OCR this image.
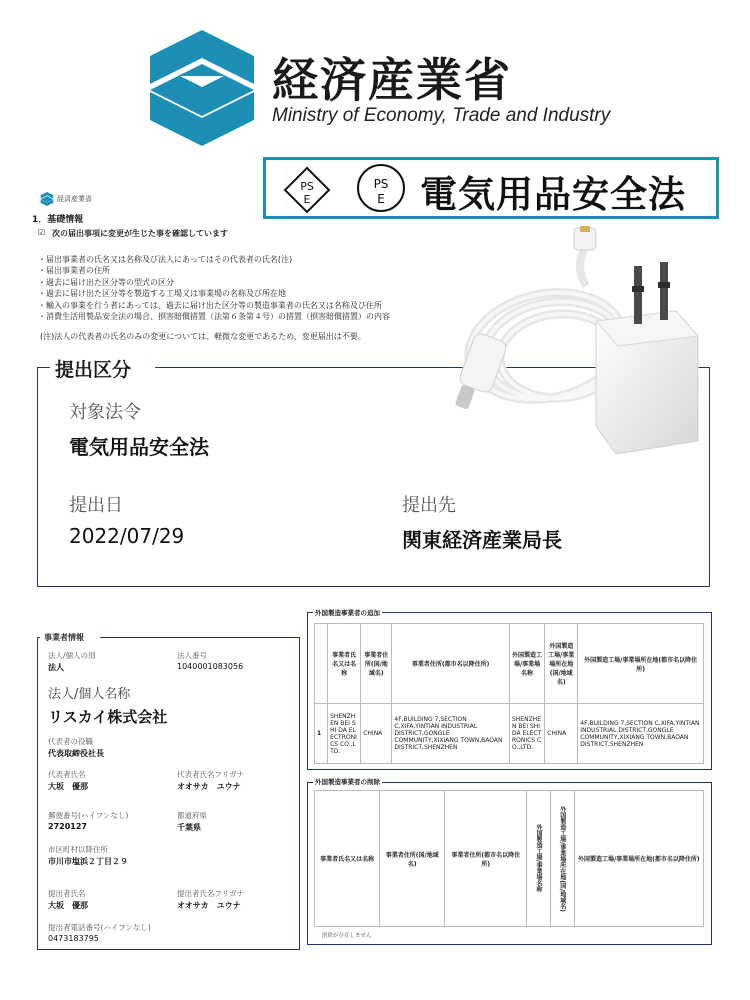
経済産業省
Ministry of Economy, Trade and Industry
PS
E
PS
E 電気用品安全法
経済産業省
1．基礎情報
☑ 次の届出事項に変更が生じた事を確認しています
・届出事業者の氏名又は名称及び法人にあってはその代表者の氏名(注)
・届出事業者の住所
・過去に届け出た区分等の型式の区分
・過去に届け出た区分等を製造する工場又は事業場の名称及び所在地
・輸入の事業を行う者にあっては、過去に届け出た区分等の製造事業者の氏名又は名称及び住所
・消費生活用製品安全法の場合、損害賠償措置（法第６条第４号）の措置（損害賠償措置）の内容
(注)法人の代表者の氏名のみの変更については、軽微な変更であるため、変更届出は不要。
提出区分
対象法令
電気用品安全法
提出日
2022/07/29
提出先
関東経済産業局長
事業者情報
法人/個人の別
法人
法人番号
1040001083056
法人/個人名称
リスカイ株式会社
代表者の役職
代表取締役社長
代表者氏名
大坂　優那
代表者氏名フリガナ
オオサカ　ユウナ
郵便番号(ハイフンなし)
2720127
都道府県
千葉県
市区町村以降住所
市川市塩浜２丁目２９
提出者氏名
大坂　優那
提出者氏名フリガナ
オオサカ　ユウナ
提出者電話番号(ハイフンなし)
0473183795
外国製造事業者の追加
	事業者氏名又は名称	事業者住所(国/地域名)	事業者住所(都市名以降住所)	外国製造工場/事業場名称	外国製造工場/事業場所在地(国/地域名)	外国製造工場/事業場所在地(都市名以降住所)
1	SHENZHEN BEI SHI DA ELECTRONICS CO.,LTD.	CHINA	4F,BUILDING 7,SECTION C,XIFA,YINTIAN INDUSTRIAL DISTRICT,GONGLE COMMUNITY,XIXIANG TOWN,BAOAN DISTRICT,SHENZHEN	SHENZHEN BEI SHI DA ELECTRONICS CO.,LTD.	CHINA	4F,BUILDING 7,SECTION C,XIFA,YINTIAN INDUSTRIAL DISTRICT,GONGLE COMMUNITY,XIXIANG TOWN,BAOAN DISTRICT,SHENZHEN
外国製造事業者の削除
事業者氏名又は名称	事業者住所(国/地域名)	事業者住所(都市名以降住所)	外国製造工場/事業場名称	外国製造工場/事業場所在地(国/地域名)	外国製造工場/事業場所在地(都市名以降住所)
削除が存在しません
